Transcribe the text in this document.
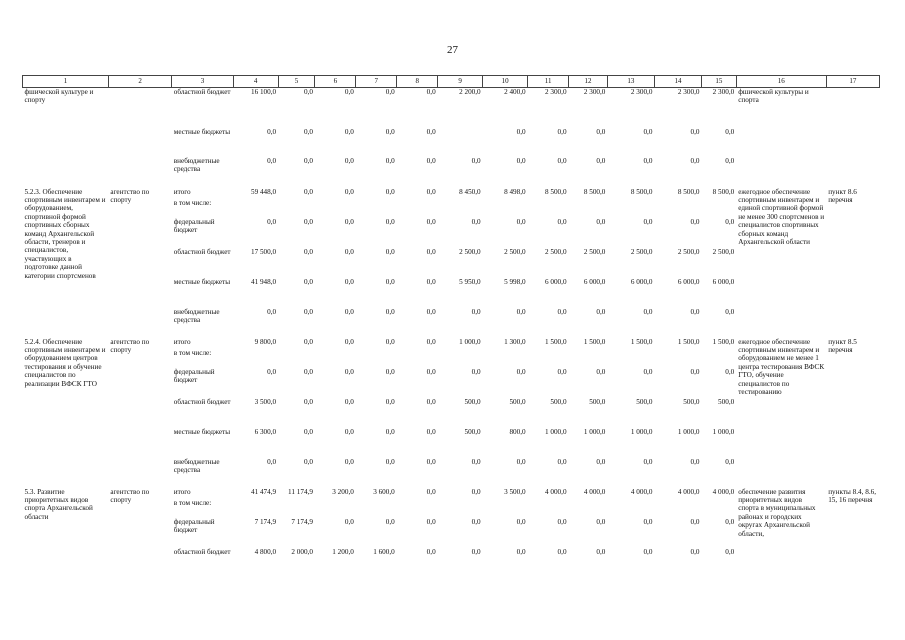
27
1	2	3	4	5	6	7	8	9	10	11	12	13	14	15	16	17
фшической культуре и спорту		областной бюджет	16 100,0	0,0	0,0	0,0	0,0	2 200,0	2 400,0	2 300,0	2 300,0	2 300,0	2 300,0	2 300,0	фшической культуры и спорта	
		местные бюджеты	0,0	0,0	0,0	0,0	0,0		0,0	0,0	0,0	0,0	0,0	0,0		
		внебюджетные средства	0,0	0,0	0,0	0,0	0,0	0,0	0,0	0,0	0,0	0,0	0,0	0,0		
5.2.3. Обеспечение спортивным инвентарем и оборудованием, спортивной формой спортивных сборных команд Архангельской области, тренеров и специалистов, участвующих в подготовке данной категории спортсменов	агентство по спорту	итого	59 448,0	0,0	0,0	0,0	0,0	8 450,0	8 498,0	8 500,0	8 500,0	8 500,0	8 500,0	8 500,0	ежегодное обеспечение спортивным инвентарем и единой спортивной формой не менее 300 спортсменов и специалистов спортивных сборных команд Архангельской области	пункт 8.6 перечня
		в том числе:														
		федеральный бюджет	0,0	0,0	0,0	0,0	0,0	0,0	0,0	0,0	0,0	0,0	0,0	0,0		
		областной бюджет	17 500,0	0,0	0,0	0,0	0,0	2 500,0	2 500,0	2 500,0	2 500,0	2 500,0	2 500,0	2 500,0		
		местные бюджеты	41 948,0	0,0	0,0	0,0	0,0	5 950,0	5 998,0	6 000,0	6 000,0	6 000,0	6 000,0	6 000,0		
		внебюджетные средства	0,0	0,0	0,0	0,0	0,0	0,0	0,0	0,0	0,0	0,0	0,0	0,0		
5.2.4. Обеспечение спортивным инвентарем и оборудованием центров тестирования и обучение специалистов по реализации ВФСК ГТО	агентство по спорту	итого	9 800,0	0,0	0,0	0,0	0,0	1 000,0	1 300,0	1 500,0	1 500,0	1 500,0	1 500,0	1 500,0	ежегодное обеспечение спортивным инвентарем и оборудованием не менее 1 центра тестирования ВФСК ГТО, обучение специалистов по тестированию	пункт 8.5 перечня
		в том числе:														
		федеральный бюджет	0,0	0,0	0,0	0,0	0,0	0,0	0,0	0,0	0,0	0,0	0,0	0,0		
		областной бюджет	3 500,0	0,0	0,0	0,0	0,0	500,0	500,0	500,0	500,0	500,0	500,0	500,0		
		местные бюджеты	6 300,0	0,0	0,0	0,0	0,0	500,0	800,0	1 000,0	1 000,0	1 000,0	1 000,0	1 000,0		
		внебюджетные средства	0,0	0,0	0,0	0,0	0,0	0,0	0,0	0,0	0,0	0,0	0,0	0,0		
5.3. Развитие приоритетных видов спорта Архангельской области	агентство по спорту	итого	41 474,9	11 174,9	3 200,0	3 600,0	0,0	0,0	3 500,0	4 000,0	4 000,0	4 000,0	4 000,0	4 000,0	обеспечение развития приоритетных видов спорта в муниципальных районах и городских округах Архангельской области,	пункты 8.4, 8.6, 15, 16 перечня
		в том числе:														
		федеральный бюджет	7 174,9	7 174,9	0,0	0,0	0,0	0,0	0,0	0,0	0,0	0,0	0,0	0,0		
		областной бюджет	4 800,0	2 000,0	1 200,0	1 600,0	0,0	0,0	0,0	0,0	0,0	0,0	0,0	0,0		
